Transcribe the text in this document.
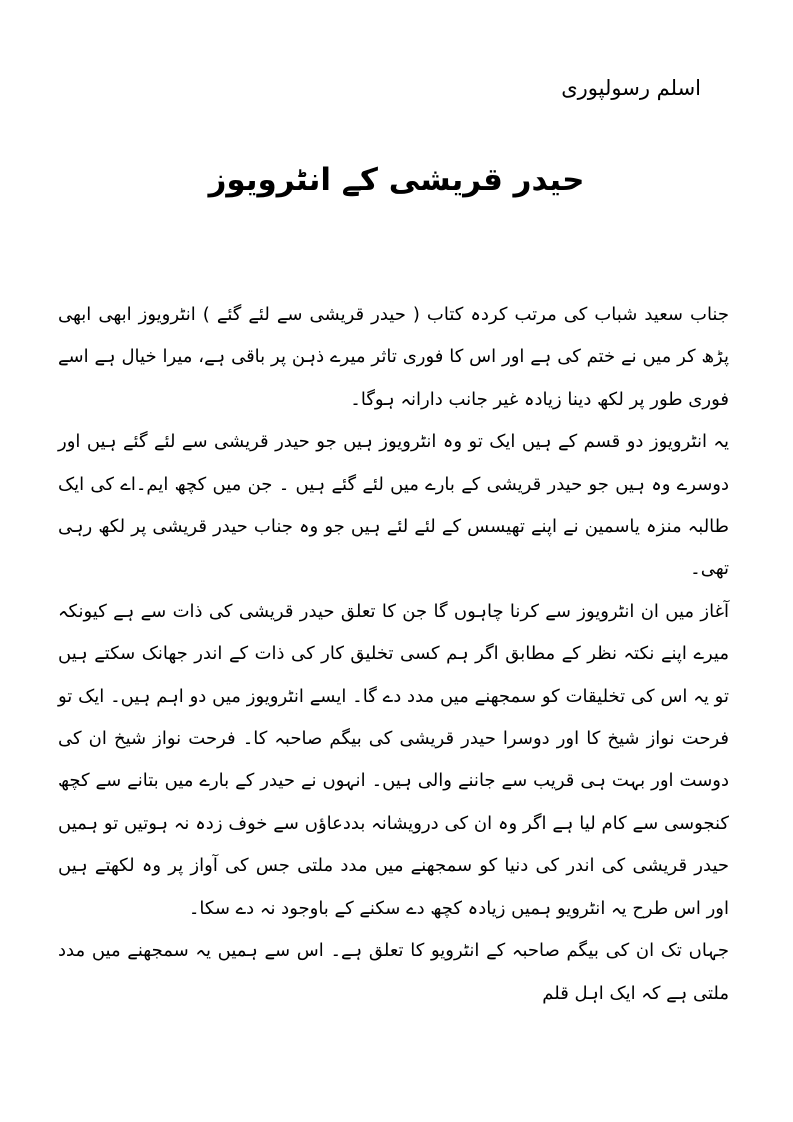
اسلم رسولپوری
حیدر قریشی کے انٹرویوز

جناب سعید شباب کی مرتب کردہ کتاب ( حیدر قریشی سے لئے گئے ) انٹرویوز ابھی ابھی پڑھ کر میں نے ختم کی ہے اور اس کا فوری تاثر میرے ذہن پر باقی ہے، میرا خیال ہے اسے فوری طور پر لکھ دینا زیادہ غیر جانب دارانہ ہوگا۔

یہ انٹرویوز دو قسم کے ہیں ایک تو وہ انٹرویوز ہیں جو حیدر قریشی سے لئے گئے ہیں اور دوسرے وہ ہیں جو حیدر قریشی کے بارے میں لئے گئے ہیں ۔ جن میں کچھ ایم۔اے کی ایک طالبہ منزہ یاسمین نے اپنے تھیسس کے لئے لئے ہیں جو وہ جناب حیدر قریشی پر لکھ رہی تھی۔

آغاز میں ان انٹرویوز سے کرنا چاہوں گا جن کا تعلق حیدر قریشی کی ذات سے ہے کیونکہ میرے اپنے نکتہ نظر کے مطابق اگر ہم کسی تخلیق کار کی ذات کے اندر جھانک سکتے ہیں تو یہ اس کی تخلیقات کو سمجھنے میں مدد دے گا۔ ایسے انٹرویوز میں دو اہم ہیں۔ ایک تو فرحت نواز شیخ کا اور دوسرا حیدر قریشی کی بیگم صاحبہ کا۔ فرحت نواز شیخ ان کی دوست اور بہت ہی قریب سے جاننے والی ہیں۔ انہوں نے حیدر کے بارے میں بتانے سے کچھ کنجوسی سے کام لیا ہے اگر وہ ان کی درویشانہ بددعاؤں سے خوف زدہ نہ ہوتیں تو ہمیں حیدر قریشی کی اندر کی دنیا کو سمجھنے میں مدد ملتی جس کی آواز پر وہ لکھتے ہیں اور اس طرح یہ انٹرویو ہمیں زیادہ کچھ دے سکنے کے باوجود نہ دے سکا۔

جہاں تک ان کی بیگم صاحبہ کے انٹرویو کا تعلق ہے۔ اس سے ہمیں یہ سمجھنے میں مدد ملتی ہے کہ ایک اہل قلم
